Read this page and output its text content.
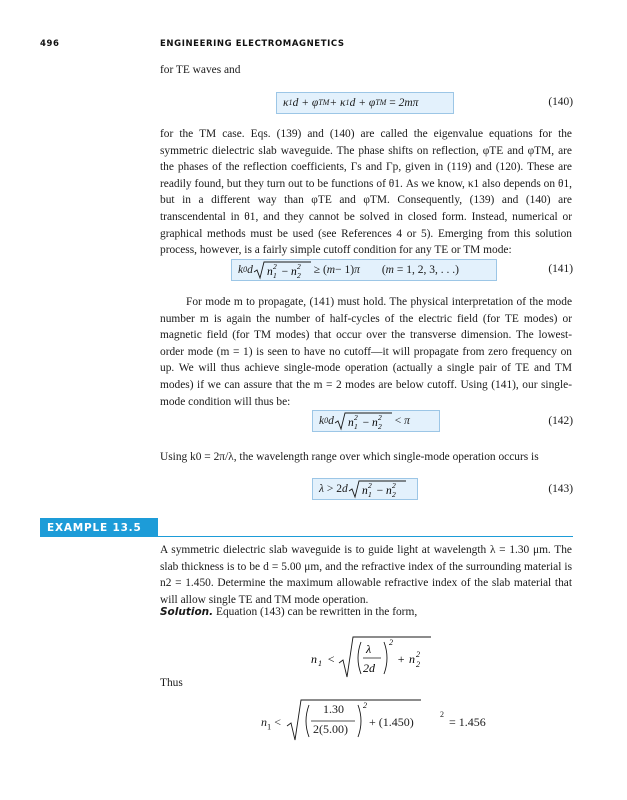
496	ENGINEERING ELECTROMAGNETICS
for TE waves and
κ 1 d + φ TM + κ 1 d + φ TM = 2mπ	(140)

for the TM case. Eqs. (139) and (140) are called the eigenvalue equations for the symmetric dielectric slab waveguide. The phase shifts on reflection, φTE and φTM, are the phases of the reflection coefficients, Γs and Γp, given in (119) and (120). These are readily found, but they turn out to be functions of θ1. As we know, κ1 also depends on θ1, but in a different way than φTE and φTM. Consequently, (139) and (140) are transcendental in θ1, and they cannot be solved in closed form. Instead, numerical or graphical methods must be used (see References 4 or 5). Emerging from this solution process, however, is a fairly simple cutoff condition for any TE or TM mode:

k 0 d n 1
2 − n 2
2 ≥ ( m − 1) π ( m = 1, 2, 3, . . .)	(141)

For mode m to propagate, (141) must hold. The physical interpretation of the mode number m is again the number of half-cycles of the electric field (for TE modes) or magnetic field (for TM modes) that occur over the transverse dimension. The lowest-order mode (m = 1) is seen to have no cutoff—it will propagate from zero frequency on up. We will thus achieve single-mode operation (actually a single pair of TE and TM modes) if we can assure that the m = 2 modes are below cutoff. Using (141), our single-mode condition will thus be:

k 0 d n 1
2 − n 2
2 < π	(142)
Using k0 = 2π/λ, the wavelength range over which single-mode operation occurs is
λ > 2 d n 1
2 − n 2
2	(143)
EXAMPLE 13.5

A symmetric dielectric slab waveguide is to guide light at wavelength λ = 1.30 μm. The slab thickness is to be d = 5.00 μm, and the refractive index of the surrounding material is n2 = 1.450. Determine the maximum allowable refractive index of the slab material that will allow single TE and TM mode operation.

Solution. Equation (143) can be rewritten in the form,
n 1 <
λ
2d
2
+ n 2
2
Thus
$n_1$ <
2
1.30
2(5.00) + (1.450)
2
= 1.456
